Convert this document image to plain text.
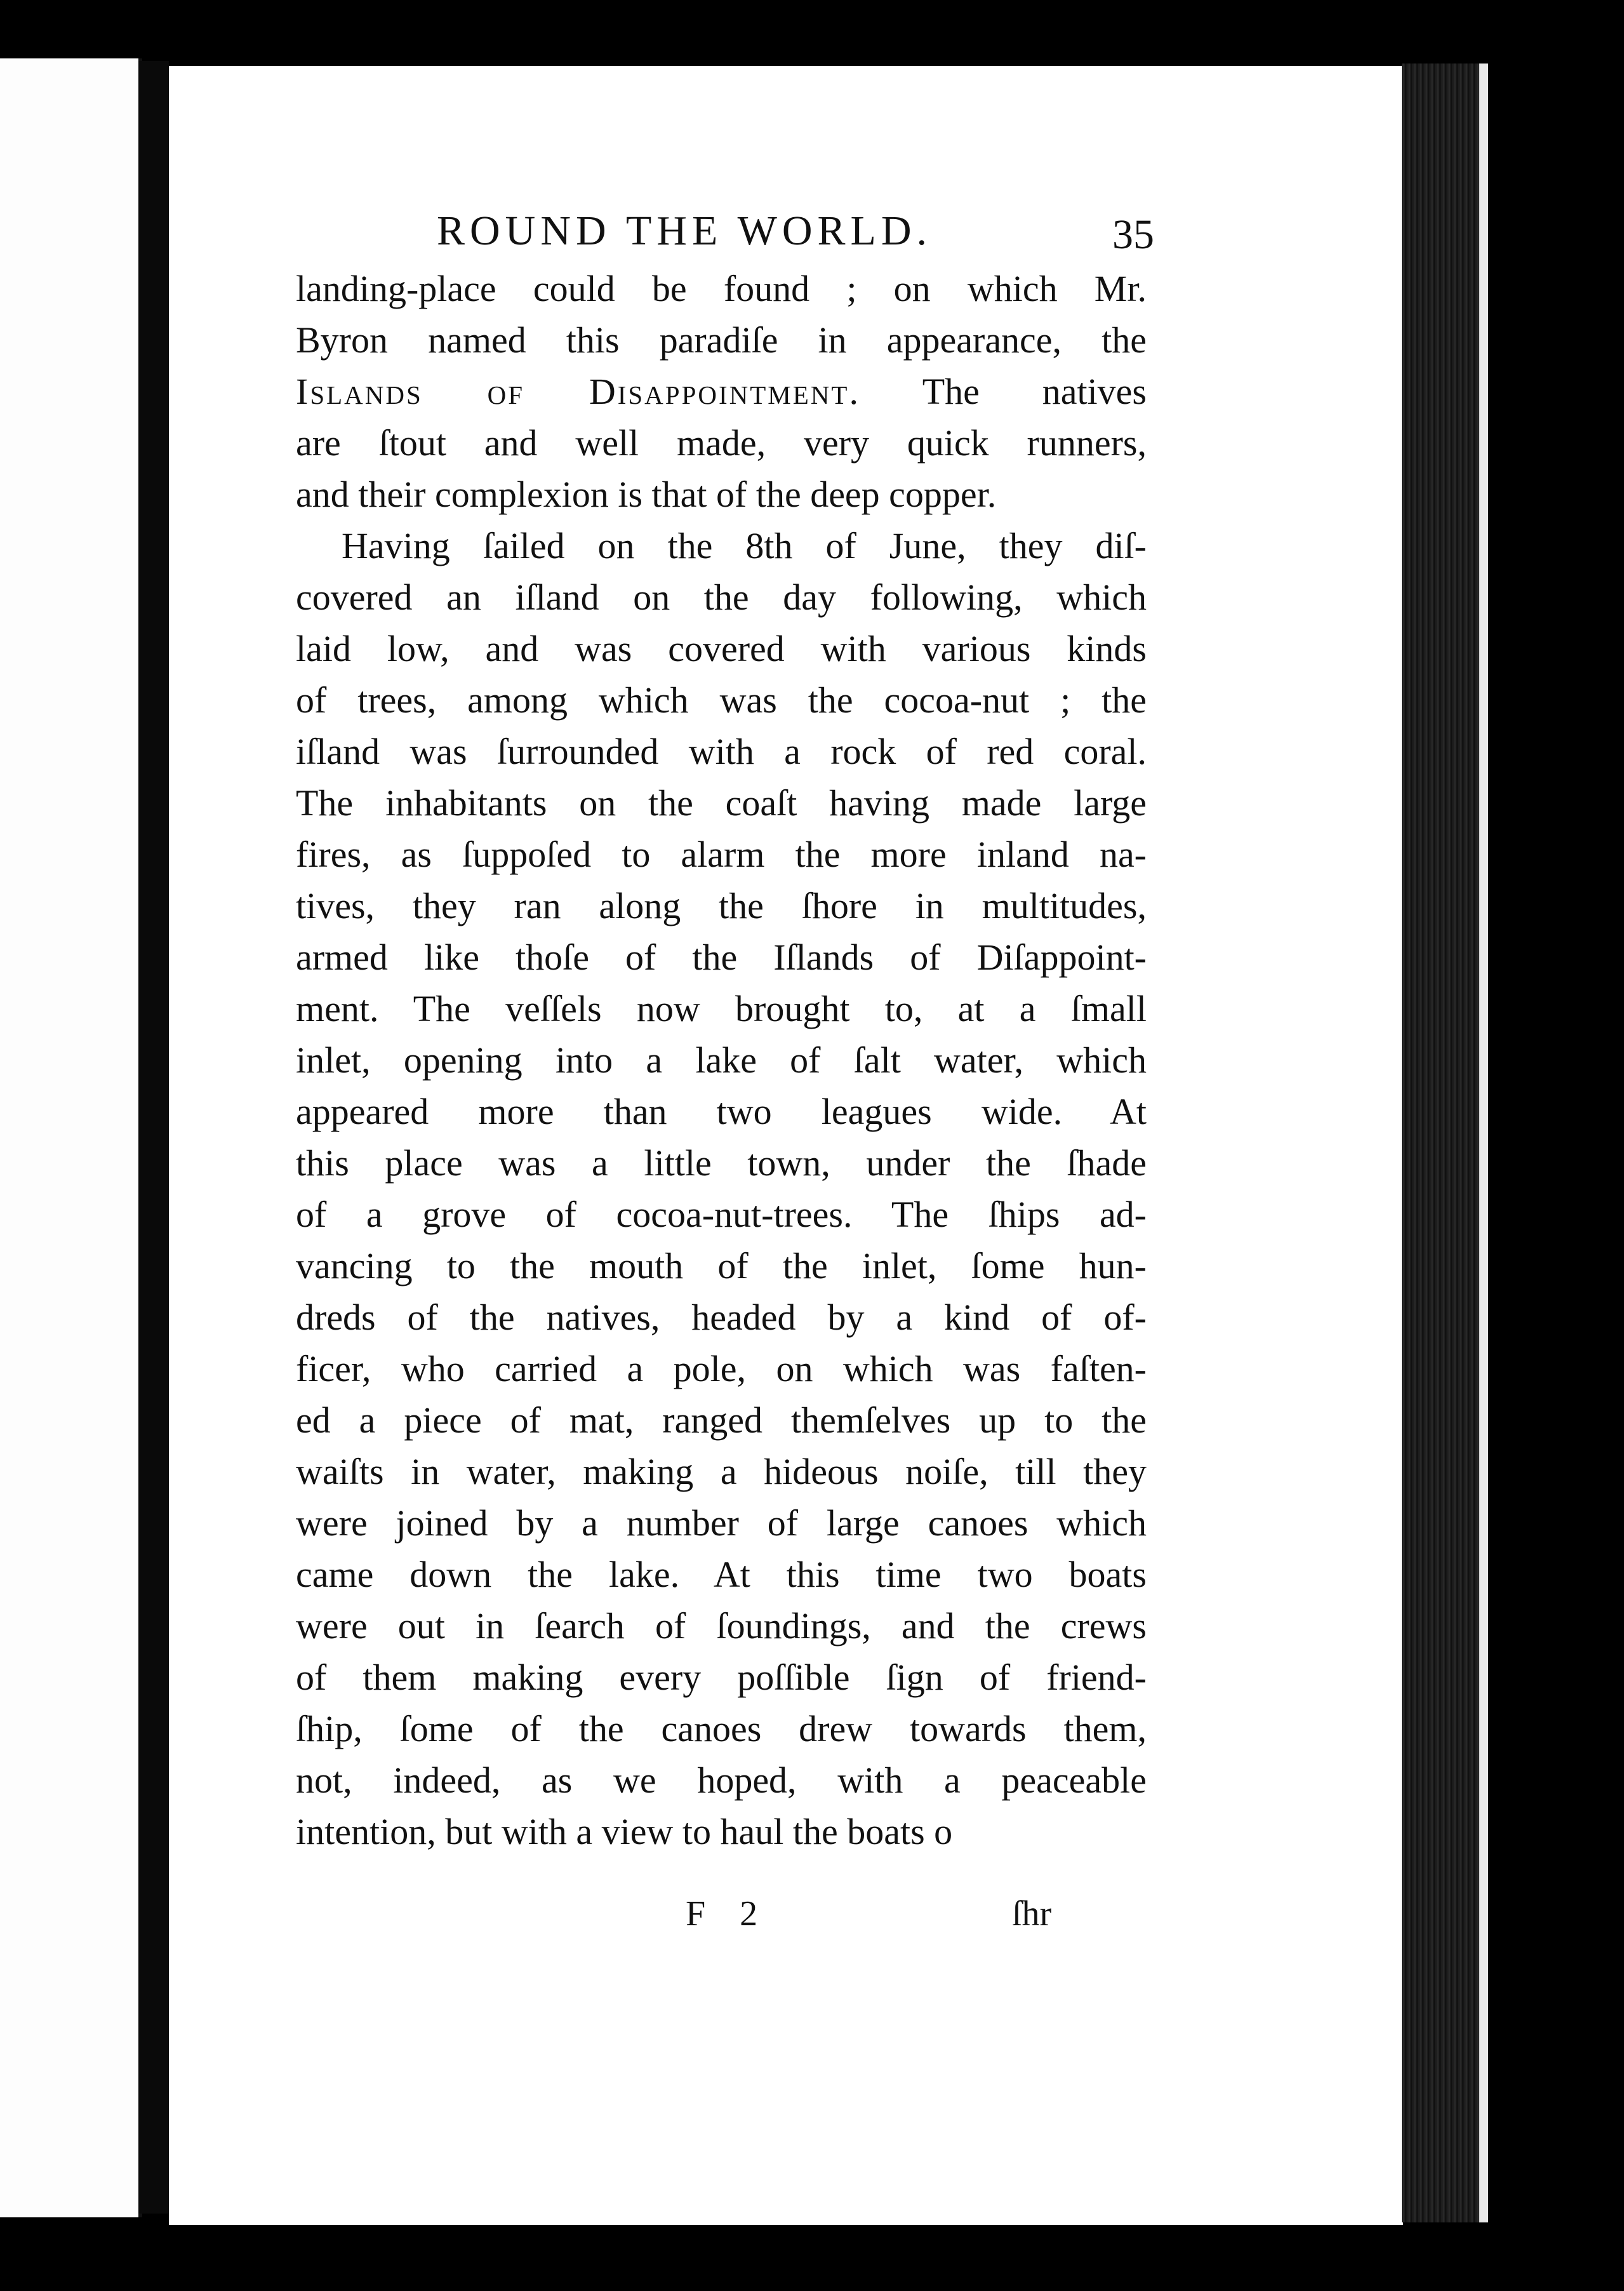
ROUND THE WORLD.	35
landing-place could be found ; on which Mr.
Byron named this paradiſe in appearance, the
Islands of Disappointment. The natives
are ſtout and well made, very quick runners,
and their complexion is that of the deep copper.
Having ſailed on the 8th of June, they diſ-
covered an iſland on the day following, which
laid low, and was covered with various kinds
of trees, among which was the cocoa-nut ; the
iſland was ſurrounded with a rock of red coral.
The inhabitants on the coaſt having made large
fires, as ſuppoſed to alarm the more inland na-
tives, they ran along the ſhore in multitudes,
armed like thoſe of the Iſlands of Diſappoint-
ment. The veſſels now brought to, at a ſmall
inlet, opening into a lake of ſalt water, which
appeared more than two leagues wide. At
this place was a little town, under the ſhade
of a grove of cocoa-nut-trees. The ſhips ad-
vancing to the mouth of the inlet, ſome hun-
dreds of the natives, headed by a kind of of-
ficer, who carried a pole, on which was faſten-
ed a piece of mat, ranged themſelves up to the
waiſts in water, making a hideous noiſe, till they
were joined by a number of large canoes which
came down the lake. At this time two boats
were out in ſearch of ſoundings, and the crews
of them making every poſſible ſign of friend-
ſhip, ſome of the canoes drew towards them,
not, indeed, as we hoped, with a peaceable
intention, but with a view to haul the boats o
F 2	ſhr
